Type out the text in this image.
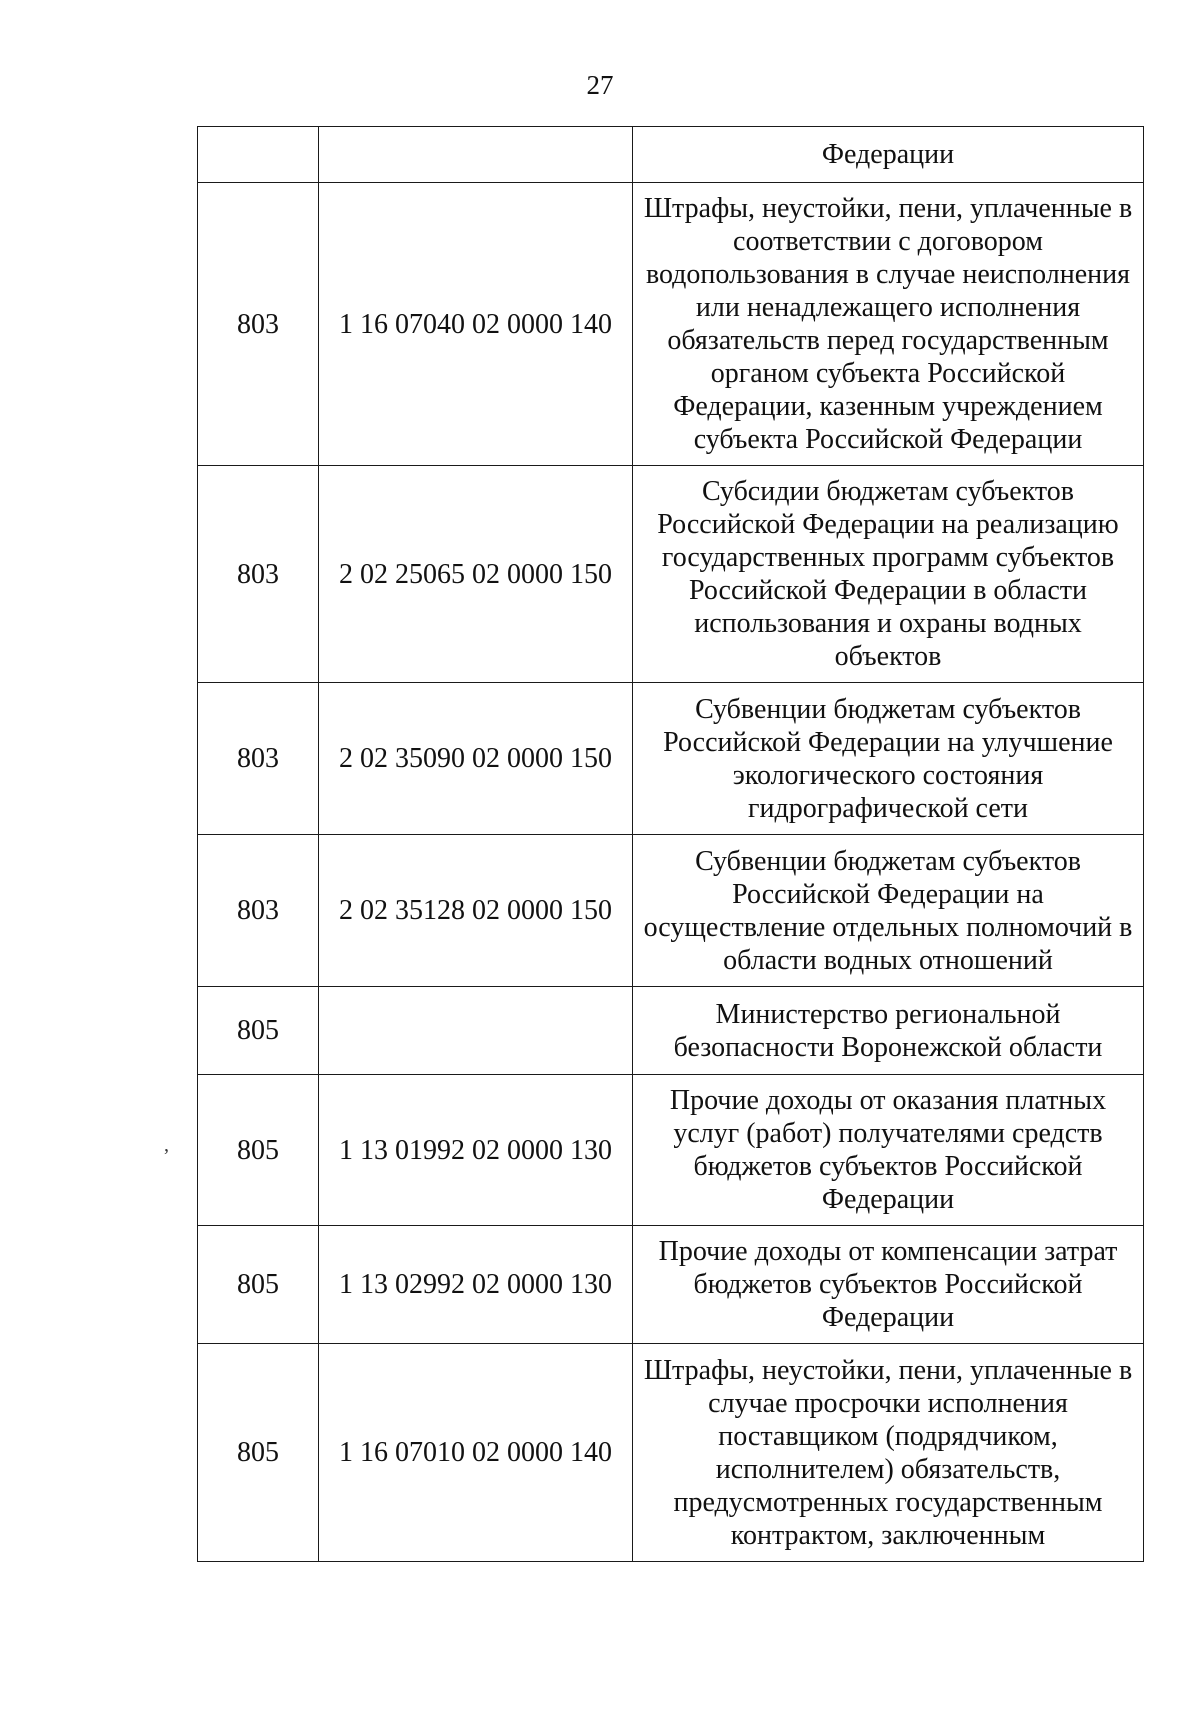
27
,
		Федерации
803	1 16 07040 02 0000 140	Штрафы, неустойки, пени, уплаченные в соответствии с договором водопользования в случае неисполнения или ненадлежащего исполнения обязательств перед государственным органом субъекта Российской Федерации, казенным учреждением субъекта Российской Федерации
803	2 02 25065 02 0000 150	Субсидии бюджетам субъектов Российской Федерации на реализацию государственных программ субъектов Российской Федерации в области использования и охраны водных объектов
803	2 02 35090 02 0000 150	Субвенции бюджетам субъектов Российской Федерации на улучшение экологического состояния гидрографической сети
803	2 02 35128 02 0000 150	Субвенции бюджетам субъектов Российской Федерации на осуществление отдельных полномочий в области водных отношений
805		Министерство региональной безопасности Воронежской области
805	1 13 01992 02 0000 130	Прочие доходы от оказания платных услуг (работ) получателями средств бюджетов субъектов Российской Федерации
805	1 13 02992 02 0000 130	Прочие доходы от компенсации затрат бюджетов субъектов Российской Федерации
805	1 16 07010 02 0000 140	Штрафы, неустойки, пени, уплаченные в случае просрочки исполнения поставщиком (подрядчиком, исполнителем) обязательств, предусмотренных государственным контрактом, заключенным
